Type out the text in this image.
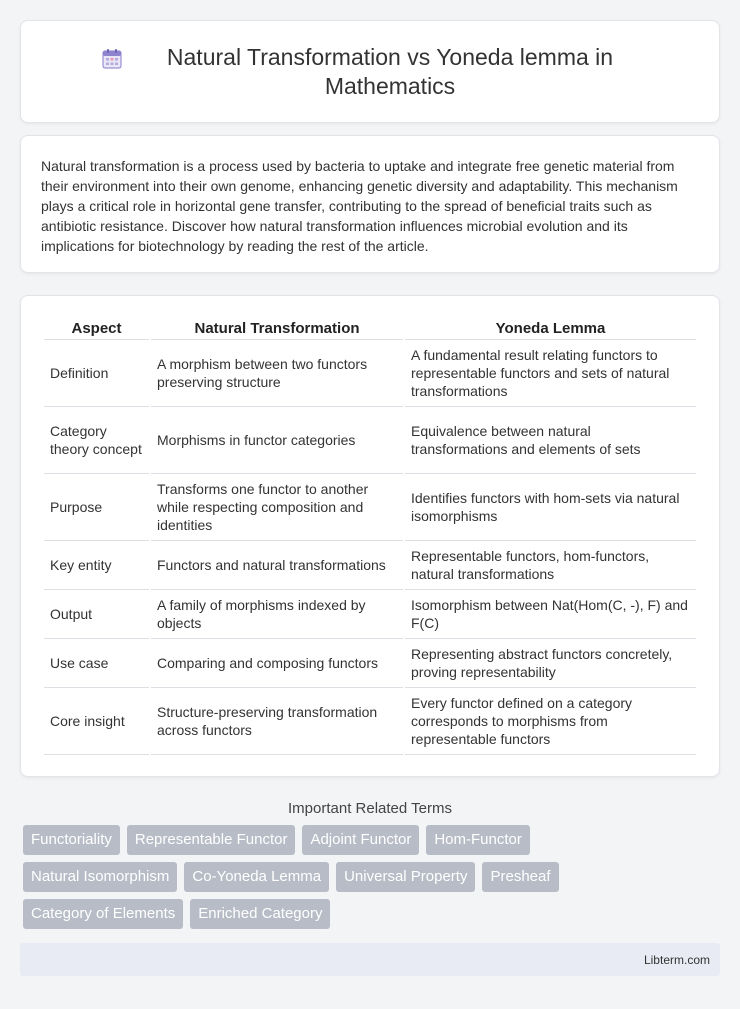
Natural Transformation vs Yoneda lemma in Mathematics

Natural transformation is a process used by bacteria to uptake and integrate free genetic material from their environment into their own genome, enhancing genetic diversity and adaptability. This mechanism plays a critical role in horizontal gene transfer, contributing to the spread of beneficial traits such as antibiotic resistance. Discover how natural transformation influences microbial evolution and its implications for biotechnology by reading the rest of the article.

Aspect	Natural Transformation	Yoneda Lemma
Definition	A morphism between two functors preserving structure	A fundamental result relating functors to representable functors and sets of natural transformations
Category theory concept	Morphisms in functor categories	Equivalence between natural transformations and elements of sets
Purpose	Transforms one functor to another while respecting composition and identities	Identifies functors with hom-sets via natural isomorphisms
Key entity	Functors and natural transformations	Representable functors, hom-functors, natural transformations
Output	A family of morphisms indexed by objects	Isomorphism between Nat(Hom(C, -), F) and F(C)
Use case	Comparing and composing functors	Representing abstract functors concretely, proving representability
Core insight	Structure-preserving transformation across functors	Every functor defined on a category corresponds to morphisms from representable functors
Important Related Terms
Functoriality	Representable Functor	Adjoint Functor	Hom-Functor
Natural Isomorphism	Co-Yoneda Lemma	Universal Property	Presheaf
Category of Elements	Enriched Category
Libterm.com
